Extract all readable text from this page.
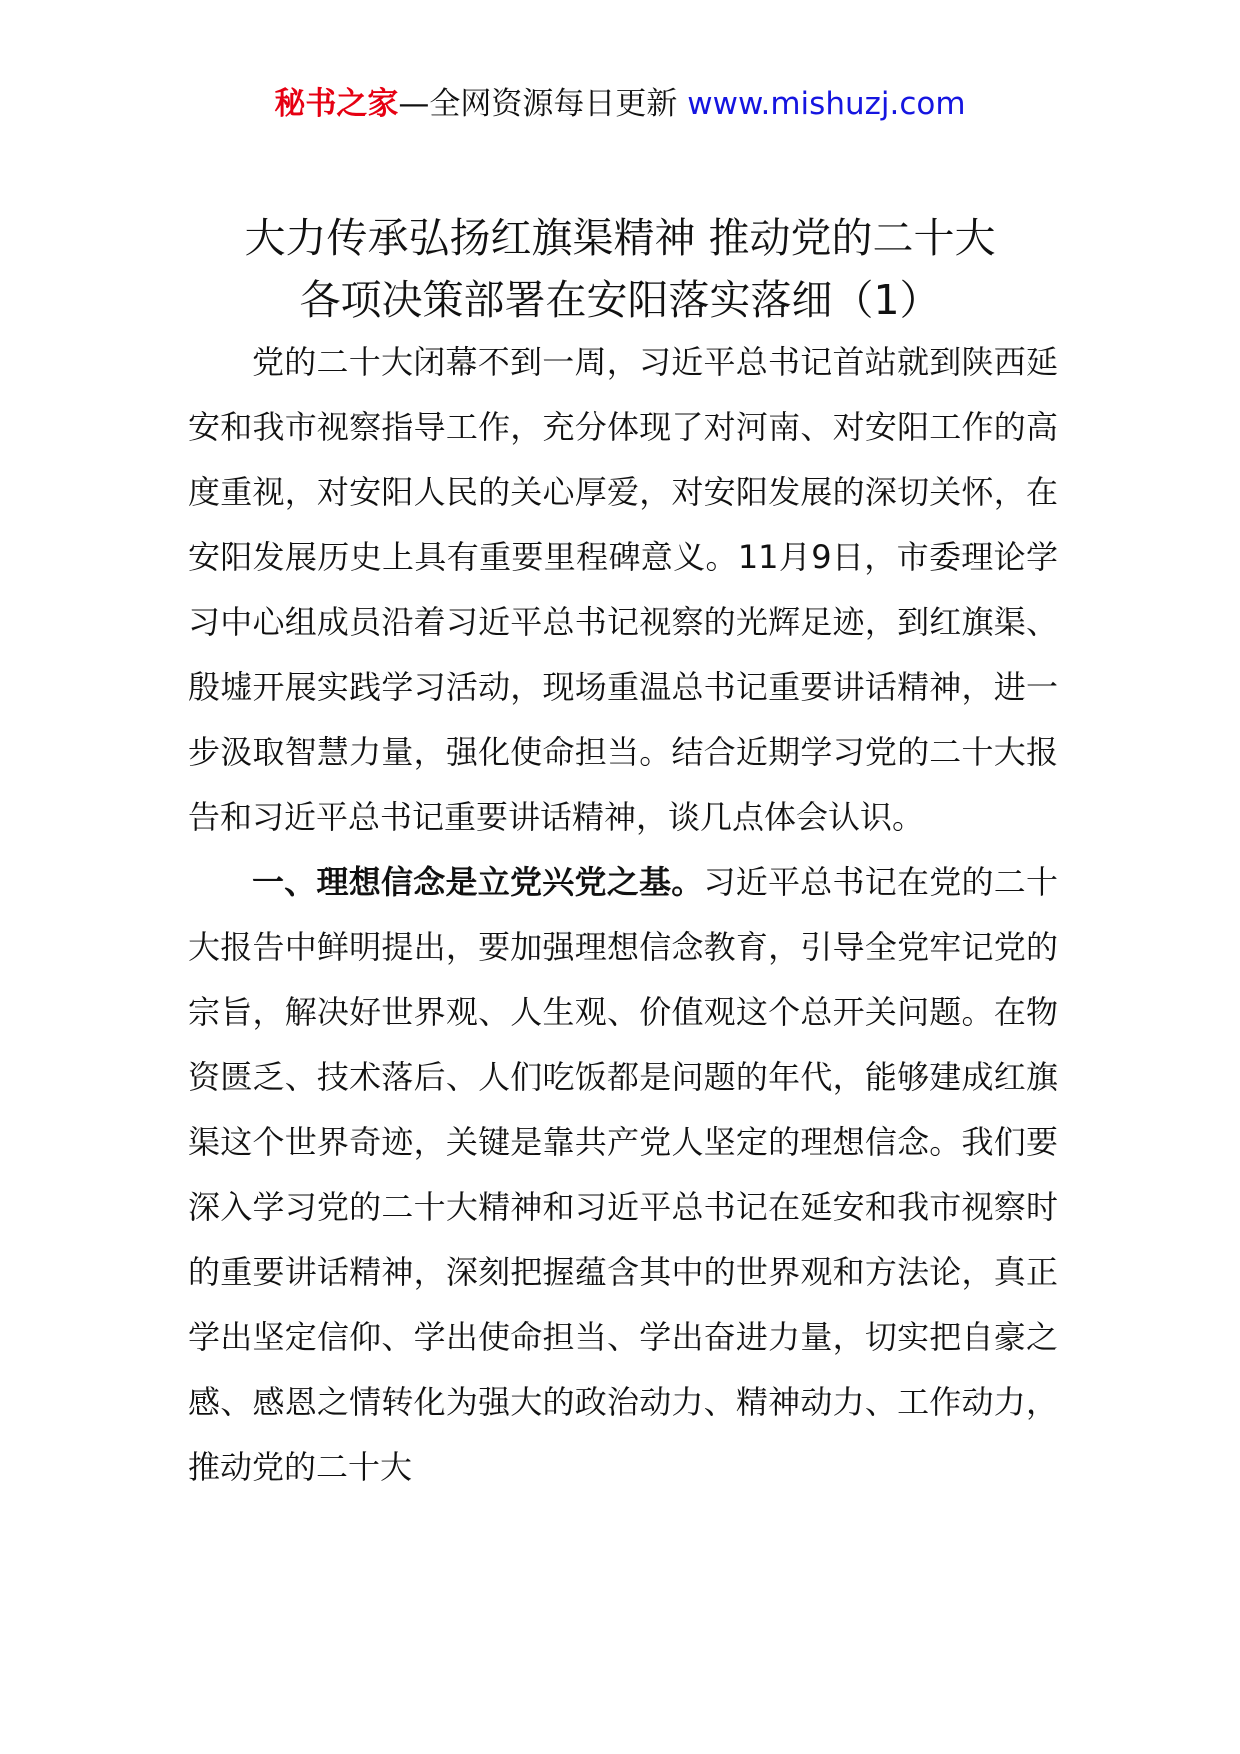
秘书之家—全网资源每日更新 www.mishuzj.com
大力传承弘扬红旗渠精神 推动党的二十大
各项决策部署在安阳落实落细（1）

党的二十大闭幕不到一周，习近平总书记首站就到陕西延安和我市视察指导工作，充分体现了对河南、对安阳工作的高度重视，对安阳人民的关心厚爱，对安阳发展的深切关怀，在安阳发展历史上具有重要里程碑意义。11月9日，市委理论学习中心组成员沿着习近平总书记视察的光辉足迹，到红旗渠、殷墟开展实践学习活动，现场重温总书记重要讲话精神，进一步汲取智慧力量，强化使命担当。结合近期学习党的二十大报告和习近平总书记重要讲话精神，谈几点体会认识。

一、理想信念是立党兴党之基。习近平总书记在党的二十大报告中鲜明提出，要加强理想信念教育，引导全党牢记党的宗旨，解决好世界观、人生观、价值观这个总开关问题。在物资匮乏、技术落后、人们吃饭都是问题的年代，能够建成红旗渠这个世界奇迹，关键是靠共产党人坚定的理想信念。我们要深入学习党的二十大精神和习近平总书记在延安和我市视察时的重要讲话精神，深刻把握蕴含其中的世界观和方法论，真正学出坚定信仰、学出使命担当、学出奋进力量，切实把自豪之感、感恩之情转化为强大的政治动力、精神动力、工作动力，推动党的二十大
